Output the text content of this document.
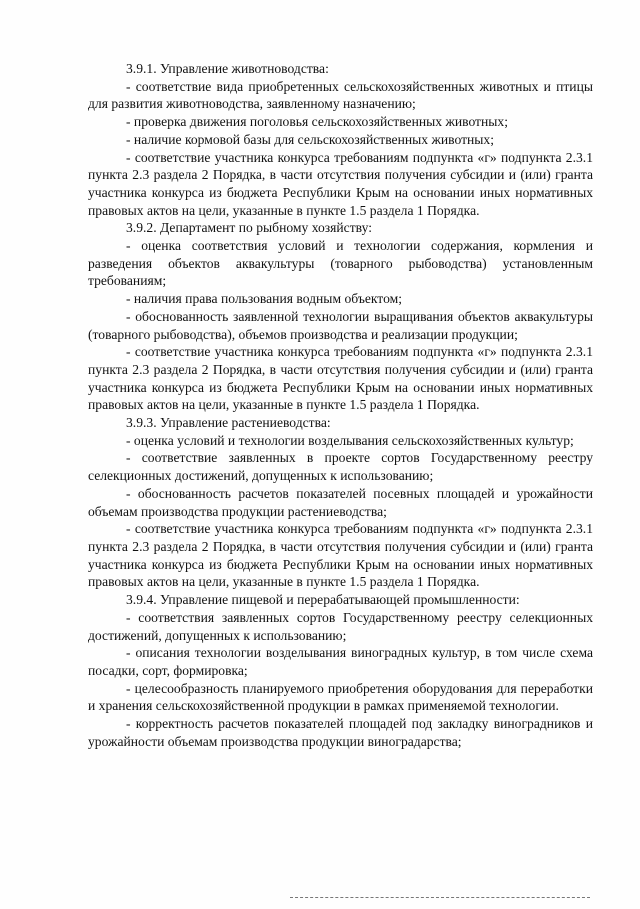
3.9.1. Управление животноводства:

- соответствие вида приобретенных сельскохозяйственных животных и птицы для развития животноводства, заявленному назначению;

- проверка движения поголовья сельскохозяйственных животных;

- наличие кормовой базы для сельскохозяйственных животных;

- соответствие участника конкурса требованиям подпункта «г» подпункта 2.3.1 пункта 2.3 раздела 2 Порядка, в части отсутствия получения субсидии и (или) гранта участника конкурса из бюджета Республики Крым на основании иных нормативных правовых актов на цели, указанные в пункте 1.5 раздела 1 Порядка.

3.9.2. Департамент по рыбному хозяйству:

- оценка соответствия условий и технологии содержания, кормления и разведения объектов аквакультуры (товарного рыбоводства) установленным требованиям;

- наличия права пользования водным объектом;

- обоснованность заявленной технологии выращивания объектов аквакультуры (товарного рыбоводства), объемов производства и реализации продукции;

- соответствие участника конкурса требованиям подпункта «г» подпункта 2.3.1 пункта 2.3 раздела 2 Порядка, в части отсутствия получения субсидии и (или) гранта участника конкурса из бюджета Республики Крым на основании иных нормативных правовых актов на цели, указанные в пункте 1.5 раздела 1 Порядка.

3.9.3. Управление растениеводства:

- оценка условий и технологии возделывания сельскохозяйственных культур;

- соответствие заявленных в проекте сортов Государственному реестру селекционных достижений, допущенных к использованию;

- обоснованность расчетов показателей посевных площадей и урожайности объемам производства продукции растениеводства;

- соответствие участника конкурса требованиям подпункта «г» подпункта 2.3.1 пункта 2.3 раздела 2 Порядка, в части отсутствия получения субсидии и (или) гранта участника конкурса из бюджета Республики Крым на основании иных нормативных правовых актов на цели, указанные в пункте 1.5 раздела 1 Порядка.

3.9.4. Управление пищевой и перерабатывающей промышленности:

- соответствия заявленных сортов Государственному реестру селекционных достижений, допущенных к использованию;

- описания технологии возделывания виноградных культур, в том числе схема посадки, сорт, формировка;

- целесообразность планируемого приобретения оборудования для переработки и хранения сельскохозяйственной продукции в рамках применяемой технологии.

- корректность расчетов показателей площадей под закладку виноградников и урожайности объемам производства продукции виноградарства;
